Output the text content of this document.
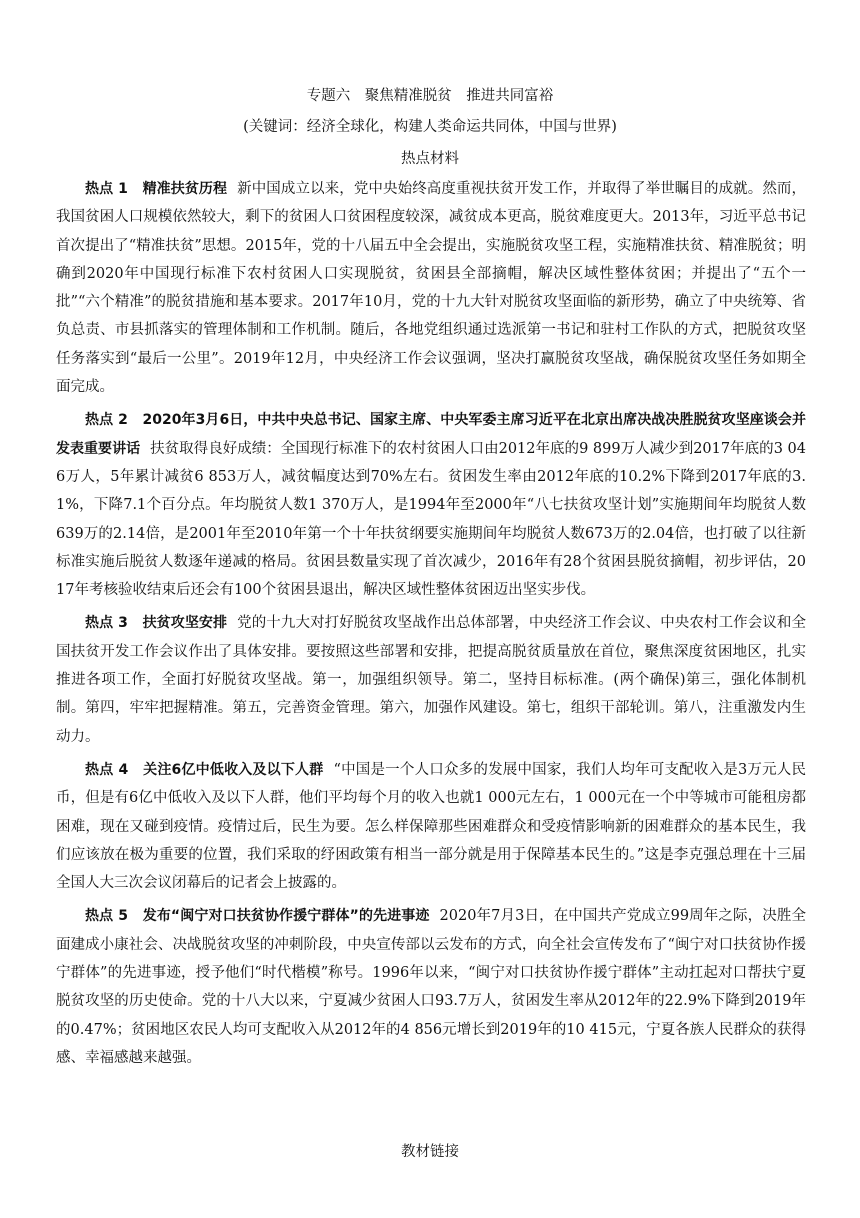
专题六　聚焦精准脱贫　推进共同富裕
(关键词：经济全球化，构建人类命运共同体，中国与世界)
热点材料

热点 1　 精准扶贫历程 新中国成立以来，党中央始终高度重视扶贫开发工作，并取得了举世瞩目的成就。然而，我国贫困人口规模依然较大，剩下的贫困人口贫困程度较深，减贫成本更高，脱贫难度更大。2013年，习近平总书记首次提出了“精准扶贫”思想。2015年，党的十八届五中全会提出，实施脱贫攻坚工程，实施精准扶贫、精准脱贫；明确到2020年中国现行标准下农村贫困人口实现脱贫，贫困县全部摘帽，解决区域性整体贫困；并提出了“五个一批”“六个精准”的脱贫措施和基本要求。2017年10月，党的十九大针对脱贫攻坚面临的新形势，确立了中央统筹、省负总责、市县抓落实的管理体制和工作机制。随后，各地党组织通过选派第一书记和驻村工作队的方式，把脱贫攻坚任务落实到“最后一公里”。2019年12月，中央经济工作会议强调，坚决打赢脱贫攻坚战，确保脱贫攻坚任务如期全面完成。

热点 2　 2020年3月6日，中共中央总书记、国家主席、中央军委主席习近平在北京出席决战决胜脱贫攻坚座谈会并发表重要讲话 扶贫取得良好成绩：全国现行标准下的农村贫困人口由2012年底的9 899万人减少到2017年底的3 046万人，5年累计减贫6 853万人，减贫幅度达到70%左右。贫困发生率由2012年底的10.2%下降到2017年底的3.1%，下降7.1个百分点。年均脱贫人数1 370万人，是1994年至2000年“八七扶贫攻坚计划”实施期间年均脱贫人数639万的2.14倍，是2001年至2010年第一个十年扶贫纲要实施期间年均脱贫人数673万的2.04倍，也打破了以往新标准实施后脱贫人数逐年递减的格局。贫困县数量实现了首次减少，2016年有28个贫困县脱贫摘帽，初步评估，2017年考核验收结束后还会有100个贫困县退出，解决区域性整体贫困迈出坚实步伐。

热点 3　 扶贫攻坚安排 党的十九大对打好脱贫攻坚战作出总体部署，中央经济工作会议、中央农村工作会议和全国扶贫开发工作会议作出了具体安排。要按照这些部署和安排，把提高脱贫质量放在首位，聚焦深度贫困地区，扎实推进各项工作，全面打好脱贫攻坚战。第一，加强组织领导。第二，坚持目标标准。(两个确保)第三，强化体制机制。第四，牢牢把握精准。第五，完善资金管理。第六，加强作风建设。第七，组织干部轮训。第八，注重激发内生动力。

热点 4　 关注6亿中低收入及以下人群 “中国是一个人口众多的发展中国家，我们人均年可支配收入是3万元人民币，但是有6亿中低收入及以下人群，他们平均每个月的收入也就1 000元左右，1 000元在一个中等城市可能租房都困难，现在又碰到疫情。疫情过后，民生为要。怎么样保障那些困难群众和受疫情影响新的困难群众的基本民生，我们应该放在极为重要的位置，我们采取的纾困政策有相当一部分就是用于保障基本民生的。”这是李克强总理在十三届全国人大三次会议闭幕后的记者会上披露的。

热点 5　 发布“闽宁对口扶贫协作援宁群体”的先进事迹 2020年7月3日，在中国共产党成立99周年之际，决胜全面建成小康社会、决战脱贫攻坚的冲刺阶段，中央宣传部以云发布的方式，向全社会宣传发布了“闽宁对口扶贫协作援宁群体”的先进事迹，授予他们“时代楷模”称号。1996年以来，“闽宁对口扶贫协作援宁群体”主动扛起对口帮扶宁夏脱贫攻坚的历史使命。党的十八大以来，宁夏减少贫困人口93.7万人，贫困发生率从2012年的22.9%下降到2019年的0.47%；贫困地区农民人均可支配收入从2012年的4 856元增长到2019年的10 415元，宁夏各族人民群众的获得感、幸福感越来越强。

教材链接
